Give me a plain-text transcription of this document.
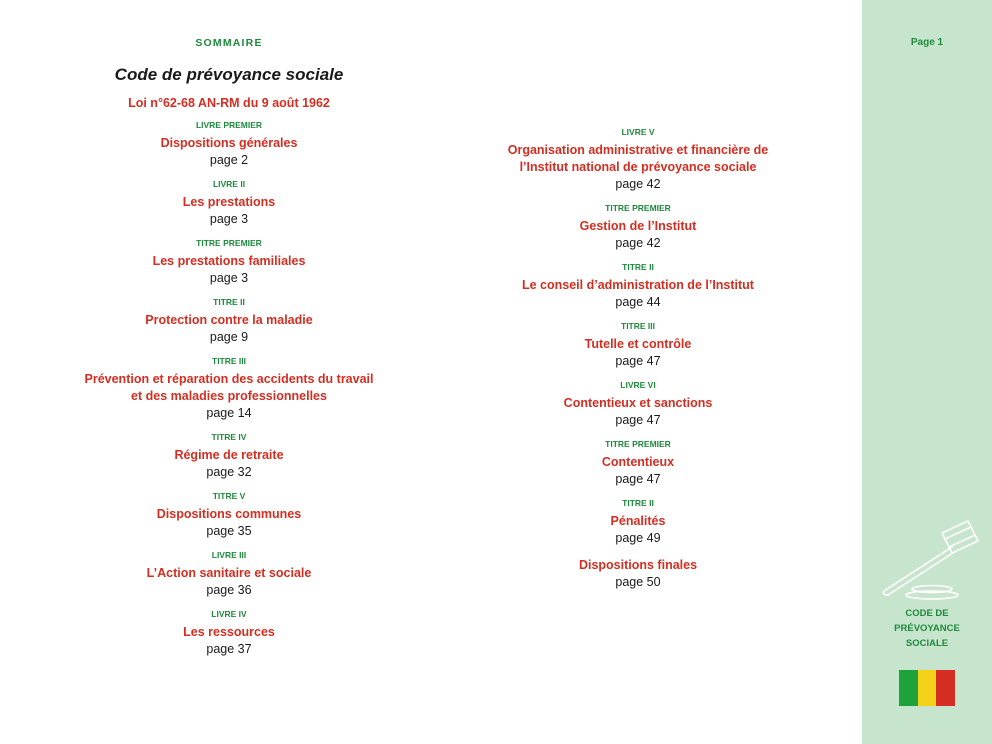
SOMMAIRE
Code de prévoyance sociale
Loi n°62-68 AN-RM du 9 août 1962
LIVRE PREMIER
Dispositions générales
page 2
LIVRE II
Les prestations
page 3
TITRE PREMIER
Les prestations familiales
page 3
TITRE II
Protection contre la maladie
page 9
TITRE III
Prévention et réparation des accidents du travail
et des maladies professionnelles
page 14
TITRE IV
Régime de retraite
page 32
TITRE V
Dispositions communes
page 35
LIVRE III
L’Action sanitaire et sociale
page 36
LIVRE IV
Les ressources
page 37
LIVRE V
Organisation administrative et financière de
l’Institut national de prévoyance sociale
page 42
TITRE PREMIER
Gestion de l’Institut
page 42
TITRE II
Le conseil d’administration de l’Institut
page 44
TITRE III
Tutelle et contrôle
page 47
LIVRE VI
Contentieux et sanctions
page 47
TITRE PREMIER
Contentieux
page 47
TITRE II
Pénalités
page 49
Dispositions finales
page 50
Page 1
CODE DE
PRÉVOYANCE
SOCIALE
